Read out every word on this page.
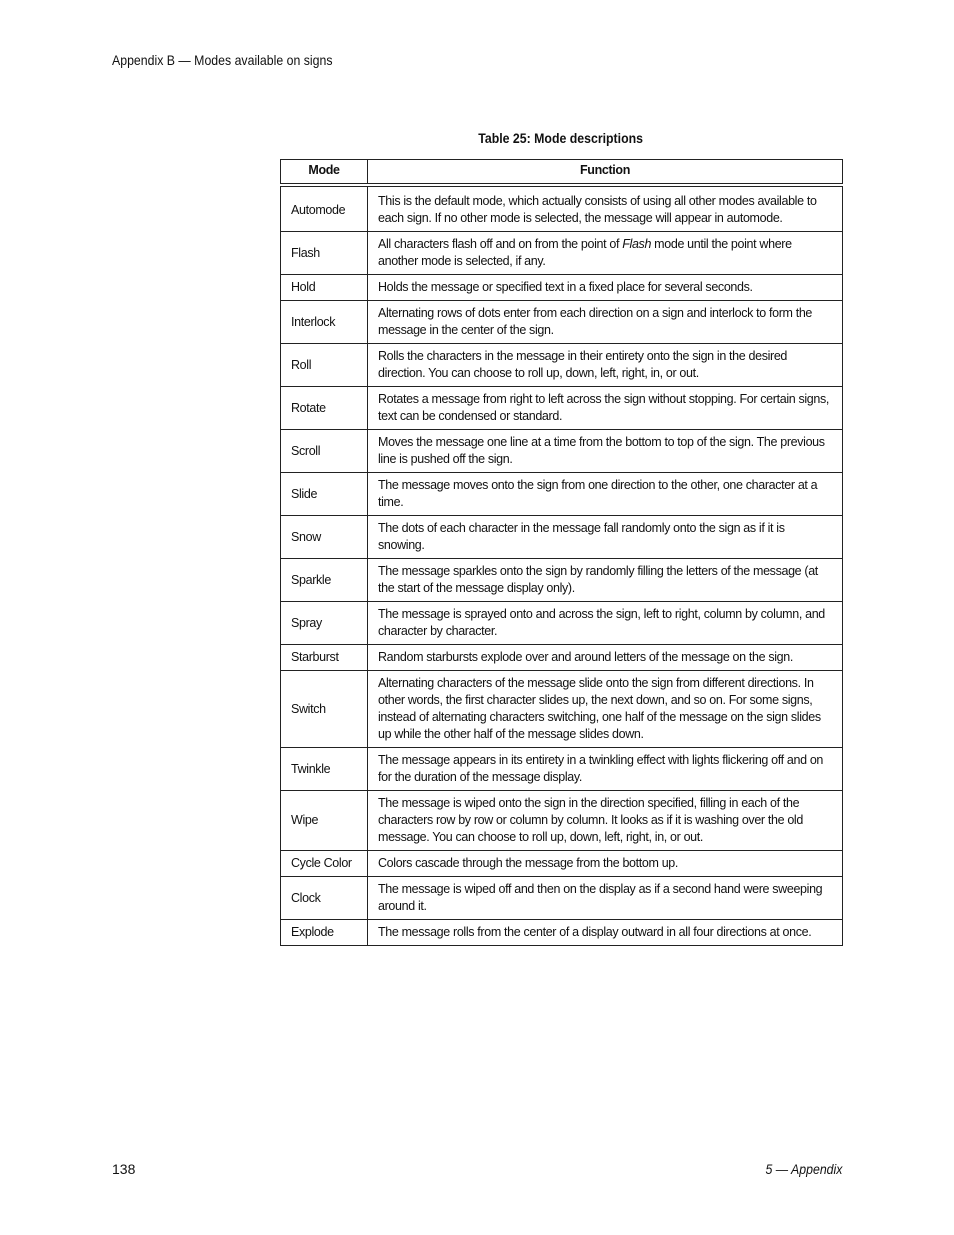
Appendix B — Modes available on signs
Table 25: Mode descriptions
Mode	Function
Automode	This is the default mode, which actually consists of using all other modes available to each sign. If no other mode is selected, the message will appear in automode.
Flash	All characters flash off and on from the point of Flash mode until the point where another mode is selected, if any.
Hold	Holds the message or specified text in a fixed place for several seconds.
Interlock	Alternating rows of dots enter from each direction on a sign and interlock to form the message in the center of the sign.
Roll	Rolls the characters in the message in their entirety onto the sign in the desired direction. You can choose to roll up, down, left, right, in, or out.
Rotate	Rotates a message from right to left across the sign without stopping. For certain signs, text can be condensed or standard.
Scroll	Moves the message one line at a time from the bottom to top of the sign. The previous line is pushed off the sign.
Slide	The message moves onto the sign from one direction to the other, one character at a time.
Snow	The dots of each character in the message fall randomly onto the sign as if it is snowing.
Sparkle	The message sparkles onto the sign by randomly filling the letters of the message (at the start of the message display only).
Spray	The message is sprayed onto and across the sign, left to right, column by column, and character by character.
Starburst	Random starbursts explode over and around letters of the message on the sign.
Switch	Alternating characters of the message slide onto the sign from different directions. In other words, the first character slides up, the next down, and so on. For some signs, instead of alternating characters switching, one half of the message on the sign slides up while the other half of the message slides down.
Twinkle	The message appears in its entirety in a twinkling effect with lights flickering off and on for the duration of the message display.
Wipe	The message is wiped onto the sign in the direction specified, filling in each of the characters row by row or column by column. It looks as if it is washing over the old message. You can choose to roll up, down, left, right, in, or out.
Cycle Color	Colors cascade through the message from the bottom up.
Clock	The message is wiped off and then on the display as if a second hand were sweeping around it.
Explode	The message rolls from the center of a display outward in all four directions at once.
138	5 — Appendix
